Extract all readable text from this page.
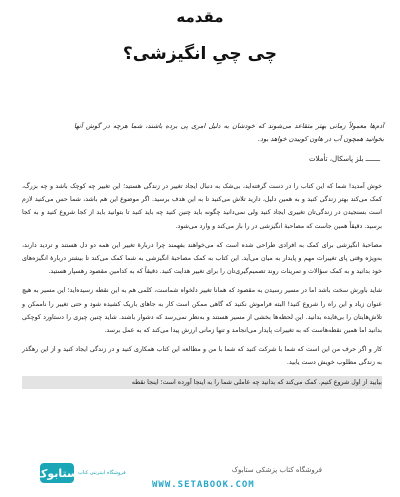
مقدمه
چی چیِ انگیزشی؟
آدم‌ها معمولاً زمانی بهتر متقاعد می‌شوند که خودشان به دلیل امری پی برده باشند، شما هرچه در گوش آنها بخوانید همچون آب در هاون کوبیدن خواهد بود.
ـــــــ بلز پاسکال، تأملات

خوش آمدید! شما که این کتاب را در دست گرفته‌اید، بی‌شک به دنبال ایجاد تغییر در زندگی هستید؛ این تغییر چه کوچک باشد و چه بزرگ، کمک می‌کند بهتر زندگی کنید و به همین دلیل، دارید تلاش می‌کنید تا به این هدف برسید. اگر موضوع این هم باشد، شما حس می‌کنید لازم است بسنجیدن در زندگی‌تان تغییری ایجاد کنید ولی نمی‌دانید چگونه باید چنین کنید چه باید کنید تا بتوانید باید از کجا شروع کنید و به کجا برسید. دقیقاً همین جاست که مصاحبهٔ انگیزشی در را باز می‌کند و وارد می‌شود.

مصاحبهٔ انگیزشی برای کمک به افرادی طراحی شده است که می‌خواهند بفهمند چرا دربارهٔ تغییر این همه دو دل هستند و تردید دارند، به‌ویژه وقتی پای تغییرات مهم و پایدار به میان می‌آید. این کتاب به کمک مصاحبهٔ انگیزشی به شما کمک می‌کند تا بیشتر دربارهٔ انگیزه‌های خود بدانید و به کمک سؤالات و تمرینات روند تصمیم‌گیری‌تان را برای تغییر هدایت کنید. دقیقاً که به کدامین مقصود رهسپار هستید.

شاید باورش سخت باشد اما در مسیر رسیدن به مقصود که همانا تغییر دلخواه شماست، کلمی هم به این نقطه رسیده‌اید؛ این مسیر به هیچ عنوان زیاد و این راه را شروع کنید! البته فراموش نکنید که گاهی ممکن است کار به جاهای باریک کشیده شود و حتی تغییر را ناممکن و تلاش‌هایتان را بی‌فایده بدانید. این لحظه‌ها بخشی از مسیر هستند و به‌نظر نمی‌رسد که دشوار باشند. شاید چنین چیزی را دستاورد کوچکی بدانید اما همین نقطه‌هاست که به تغییرات پایدار می‌انجامد و تنها زمانی ارزش پیدا می‌کند که به عمل برسد.

کار و اگر حرف من این است که شما با شرکت کنید که شما با من و مطالعه این کتاب همکاری کنید و در زندگی ایجاد کنید و از این رهگذر به زندگی مطلوب خویش دست یابید.

بیایید از اول شروع کنیم. کمک می‌کند که بدانید چه عاملی شما را به اینجا آورده است؛ اینجا نقطه

ستابوک فروشگاه اینترنتی کتاب	فروشگاه کتاب پزشکی ستابوک
WWW.SETABOOK.COM
